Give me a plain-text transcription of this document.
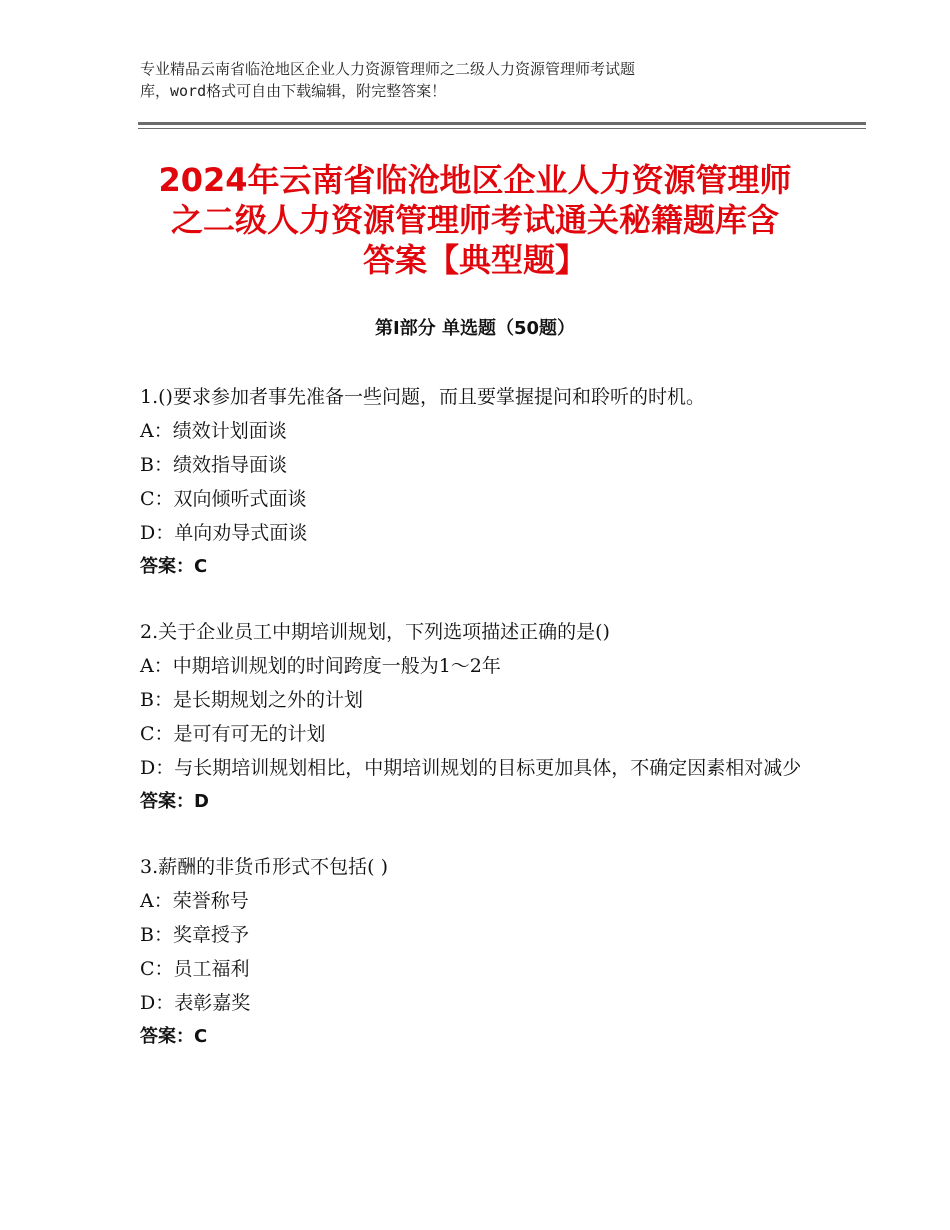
专业精品云南省临沧地区企业人力资源管理师之二级人力资源管理师考试题
库，word格式可自由下载编辑，附完整答案！
2024年云南省临沧地区企业人力资源管理师
之二级人力资源管理师考试通关秘籍题库含
答案【典型题】
第Ⅰ部分 单选题（50题）
1.()要求参加者事先准备一些问题，而且要掌握提问和聆听的时机。
A：绩效计划面谈
B：绩效指导面谈
C：双向倾听式面谈
D：单向劝导式面谈
答案：C
2.关于企业员工中期培训规划，下列选项描述正确的是()
A：中期培训规划的时间跨度一般为1～2年
B：是长期规划之外的计划
C：是可有可无的计划
D：与长期培训规划相比，中期培训规划的目标更加具体，不确定因素相对减少
答案：D
3.薪酬的非货币形式不包括( )
A：荣誉称号
B：奖章授予
C：员工福利
D：表彰嘉奖
答案：C
